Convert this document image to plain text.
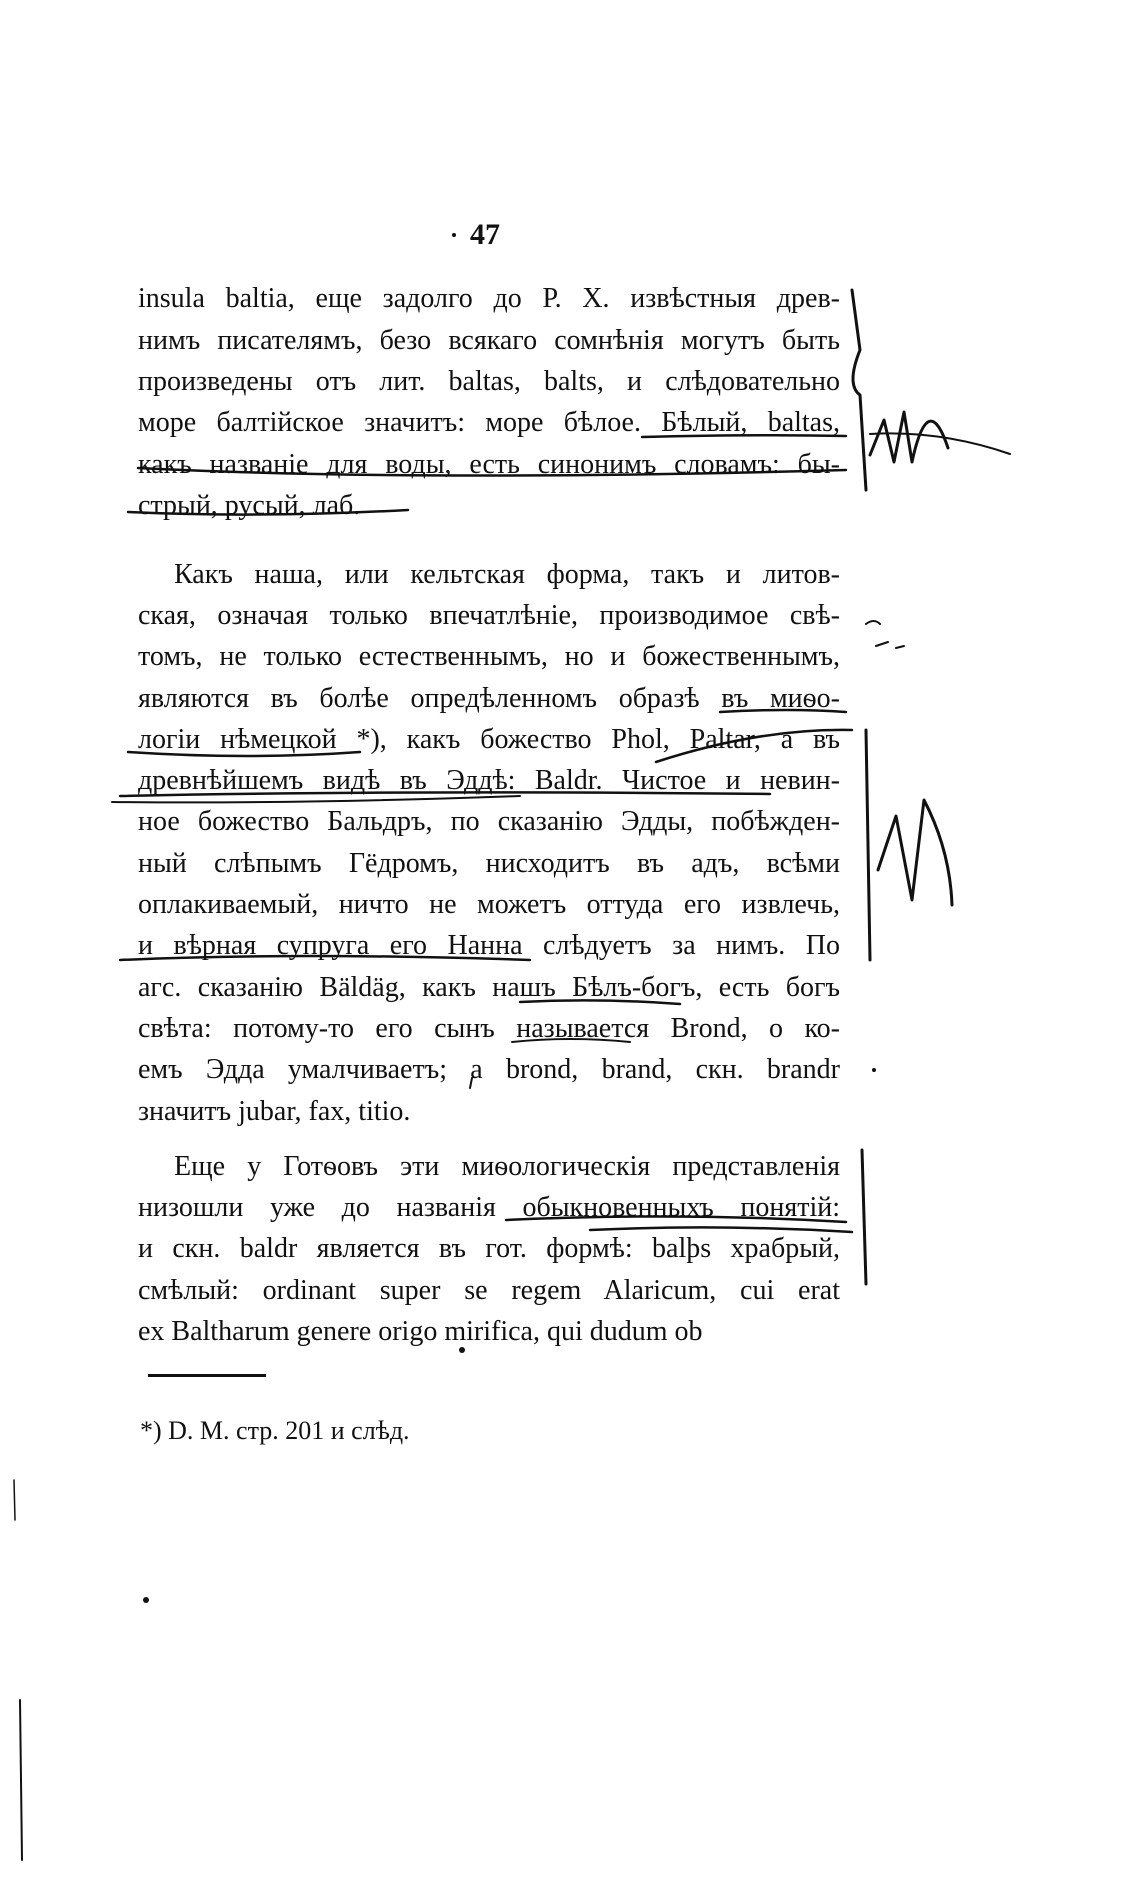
47
insula baltia, еще задолго до Р. Х. извѣстныя древ-
нимъ писателямъ, безо всякаго сомнѣнія могутъ быть
произведены отъ лит. baltas, balts, и слѣдовательно
море балтійское значитъ: море бѣлое. Бѣлый, baltas,
какъ названіе для воды, есть синонимъ словамъ: бы-
стрый, русый, лаб.
Какъ наша, или кельтская форма, такъ и литов-
ская, означая только впечатлѣніе, производимое свѣ-
томъ, не только естественнымъ, но и божественнымъ,
являются въ болѣе опредѣленномъ образѣ въ миѳо-
логіи нѣмецкой *), какъ божество Phol, Paltar, а въ
древнѣйшемъ видѣ въ Эддѣ: Baldr. Чистое и невин-
ное божество Бальдръ, по сказанію Эдды, побѣжден-
ный слѣпымъ Гёдромъ, нисходитъ въ адъ, всѣми
оплакиваемый, ничто не можетъ оттуда его извлечь,
и вѣрная супруга его Нанна слѣдуетъ за нимъ. По
агс. сказанію Bäldäg, какъ нашъ Бѣлъ-богъ, есть богъ
свѣта: потому-то его сынъ называется Brond, о ко-
емъ Эдда умалчиваетъ; а brond, brand, скн. brandr
значитъ jubar, fax, titio.
Еще у Готѳовъ эти миѳологическія представленія
низошли уже до названія обыкновенныхъ понятій:
и скн. baldr является въ гот. формѣ: balþs храбрый,
смѣлый: ordinant super se regem Alaricum, cui erat
ex Baltharum genere origo mirifica, qui dudum ob
*) D. M. стр. 201 и слѣд.
